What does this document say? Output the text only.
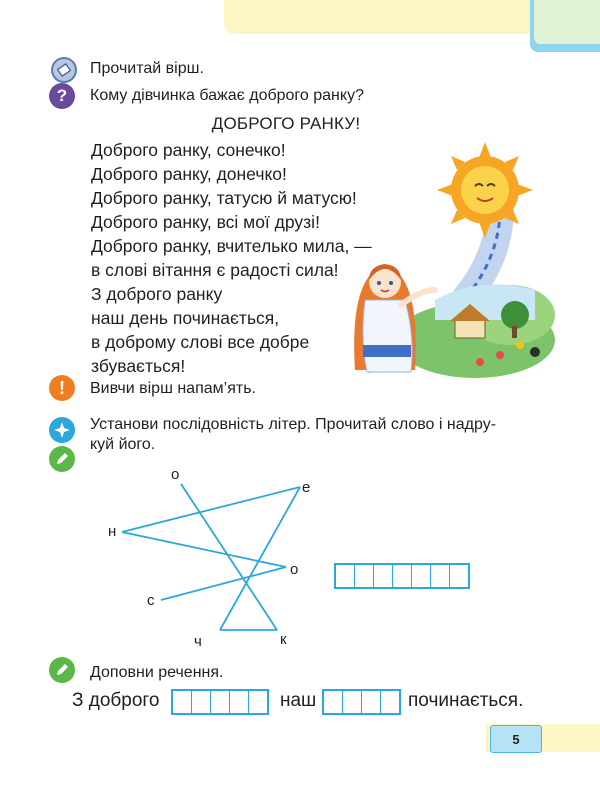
Прочитай вірш.
?	Кому дівчинка бажає доброго ранку?
ДОБРОГО РАНКУ!
Доброго ранку, сонечко!
Доброго ранку, донечко!
Доброго ранку, татусю й матусю!
Доброго ранку, всі мої друзі!
Доброго ранку, вчителько мила, —
в слові вітання є радості сила!
З доброго ранку
наш день починається,
в доброму слові все добре
збувається!
!	Вивчи вірш напам’ять.
Установи послідовність літер. Прочитай слово і надру-
куй його.
о
е
н
о
с
ч	к
Доповни речення.
З доброго	наш	починається.
5
